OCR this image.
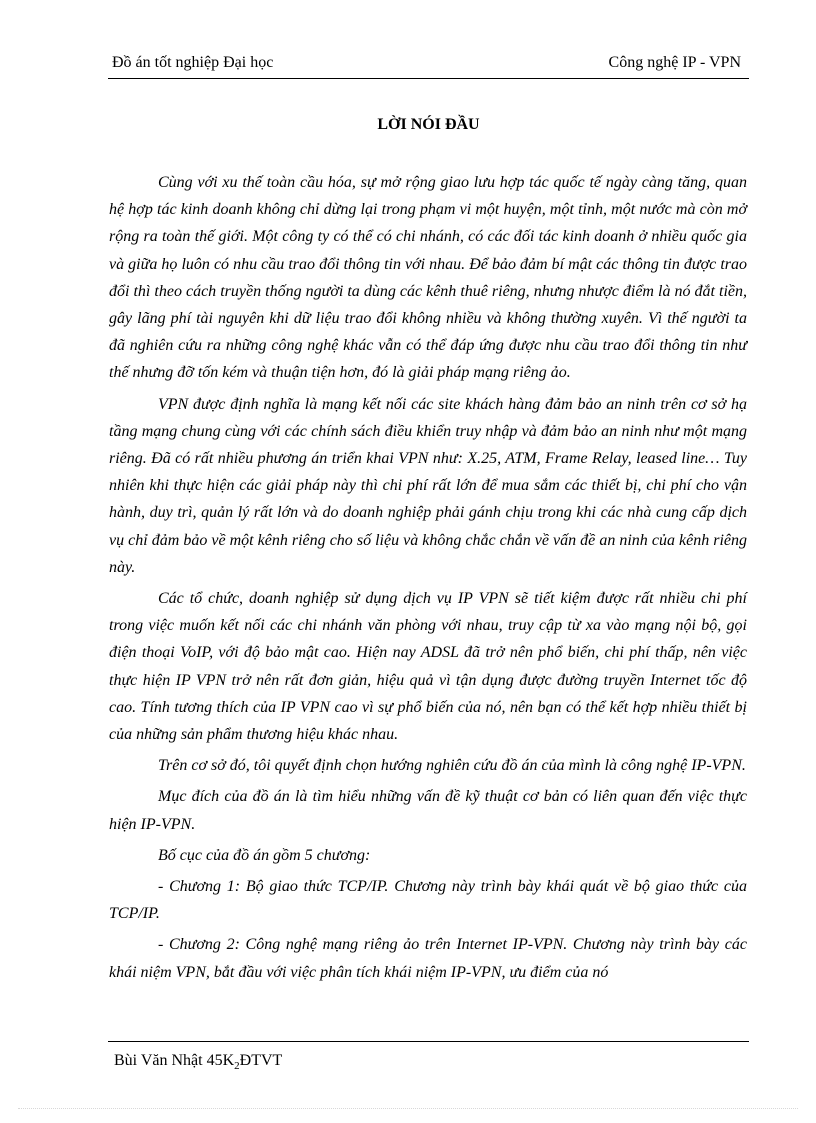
Đồ án tốt nghiệp Đại học	Công nghệ IP - VPN
LỜI NÓI ĐẦU

Cùng với xu thế toàn cầu hóa, sự mở rộng giao lưu hợp tác quốc tế ngày càng tăng, quan hệ hợp tác kinh doanh không chỉ dừng lại trong phạm vi một huyện, một tỉnh, một nước mà còn mở rộng ra toàn thế giới. Một công ty có thể có chi nhánh, có các đối tác kinh doanh ở nhiều quốc gia và giữa họ luôn có nhu cầu trao đổi thông tin với nhau. Để bảo đảm bí mật các thông tin được trao đổi thì theo cách truyền thống người ta dùng các kênh thuê riêng, nhưng nhược điểm là nó đắt tiền, gây lãng phí tài nguyên khi dữ liệu trao đổi không nhiều và không thường xuyên. Vì thế người ta đã nghiên cứu ra những công nghệ khác vẫn có thể đáp ứng được nhu cầu trao đổi thông tin như thế nhưng đỡ tốn kém và thuận tiện hơn, đó là giải pháp mạng riêng ảo.

VPN được định nghĩa là mạng kết nối các site khách hàng đảm bảo an ninh trên cơ sở hạ tầng mạng chung cùng với các chính sách điều khiển truy nhập và đảm bảo an ninh như một mạng riêng. Đã có rất nhiều phương án triển khai VPN như: X.25, ATM, Frame Relay, leased line… Tuy nhiên khi thực hiện các giải pháp này thì chi phí rất lớn để mua sắm các thiết bị, chi phí cho vận hành, duy trì, quản lý rất lớn và do doanh nghiệp phải gánh chịu trong khi các nhà cung cấp dịch vụ chỉ đảm bảo về một kênh riêng cho số liệu và không chắc chắn về vấn đề an ninh của kênh riêng này.

Các tổ chức, doanh nghiệp sử dụng dịch vụ IP VPN sẽ tiết kiệm được rất nhiều chi phí trong việc muốn kết nối các chi nhánh văn phòng với nhau, truy cập từ xa vào mạng nội bộ, gọi điện thoại VoIP, với độ bảo mật cao. Hiện nay ADSL đã trở nên phổ biến, chi phí thấp, nên việc thực hiện IP VPN trở nên rất đơn giản, hiệu quả vì tận dụng được đường truyền Internet tốc độ cao. Tính tương thích của IP VPN cao vì sự phổ biến của nó, nên bạn có thể kết hợp nhiều thiết bị của những sản phẩm thương hiệu khác nhau.

Trên cơ sở đó, tôi quyết định chọn hướng nghiên cứu đồ án của mình là công nghệ IP-VPN.

Mục đích của đồ án là tìm hiểu những vấn đề kỹ thuật cơ bản có liên quan đến việc thực hiện IP-VPN.

Bố cục của đồ án gồm 5 chương:

- Chương 1: Bộ giao thức TCP/IP. Chương này trình bày khái quát về bộ giao thức của TCP/IP.

- Chương 2: Công nghệ mạng riêng ảo trên Internet IP-VPN. Chương này trình bày các khái niệm VPN, bắt đầu với việc phân tích khái niệm IP-VPN, ưu điểm của nó

Bùi Văn Nhật $45K_2ĐTVT$
